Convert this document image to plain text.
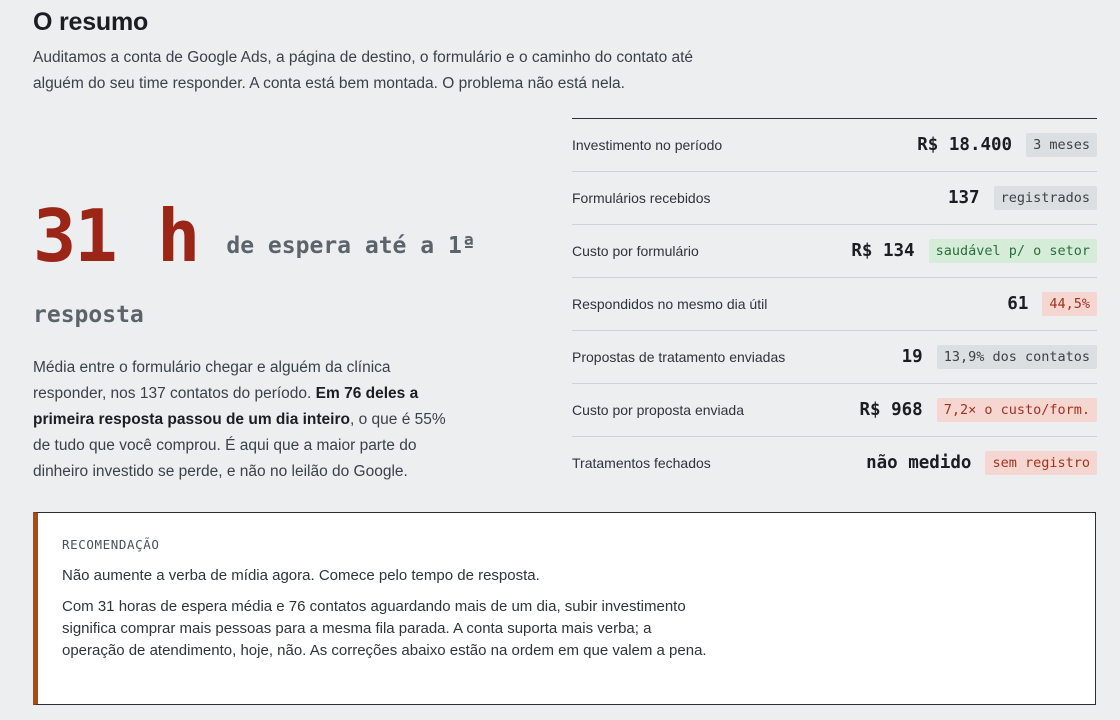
O resumo

Auditamos a conta de Google Ads, a página de destino, o formulário e o caminho do contato até alguém do seu time responder. A conta está bem montada. O problema não está nela.

31 h de espera até a 1ª
resposta

Média entre o formulário chegar e alguém da clínica responder, nos 137 contatos do período. Em 76 deles a primeira resposta passou de um dia inteiro, o que é 55% de tudo que você comprou. É aqui que a maior parte do dinheiro investido se perde, e não no leilão do Google.

Investimento no período	R$ 18.400	3 meses
Formulários recebidos	137	registrados
Custo por formulário	R$ 134	saudável p/ o setor
Respondidos no mesmo dia útil	61	44,5%
Propostas de tratamento enviadas	19	13,9% dos contatos
Custo por proposta enviada	R$ 968	7,2× o custo/form.
Tratamentos fechados	não medido	sem registro
RECOMENDAÇÃO

Não aumente a verba de mídia agora. Comece pelo tempo de resposta.

Com 31 horas de espera média e 76 contatos aguardando mais de um dia, subir investimento significa comprar mais pessoas para a mesma fila parada. A conta suporta mais verba; a operação de atendimento, hoje, não. As correções abaixo estão na ordem em que valem a pena.
